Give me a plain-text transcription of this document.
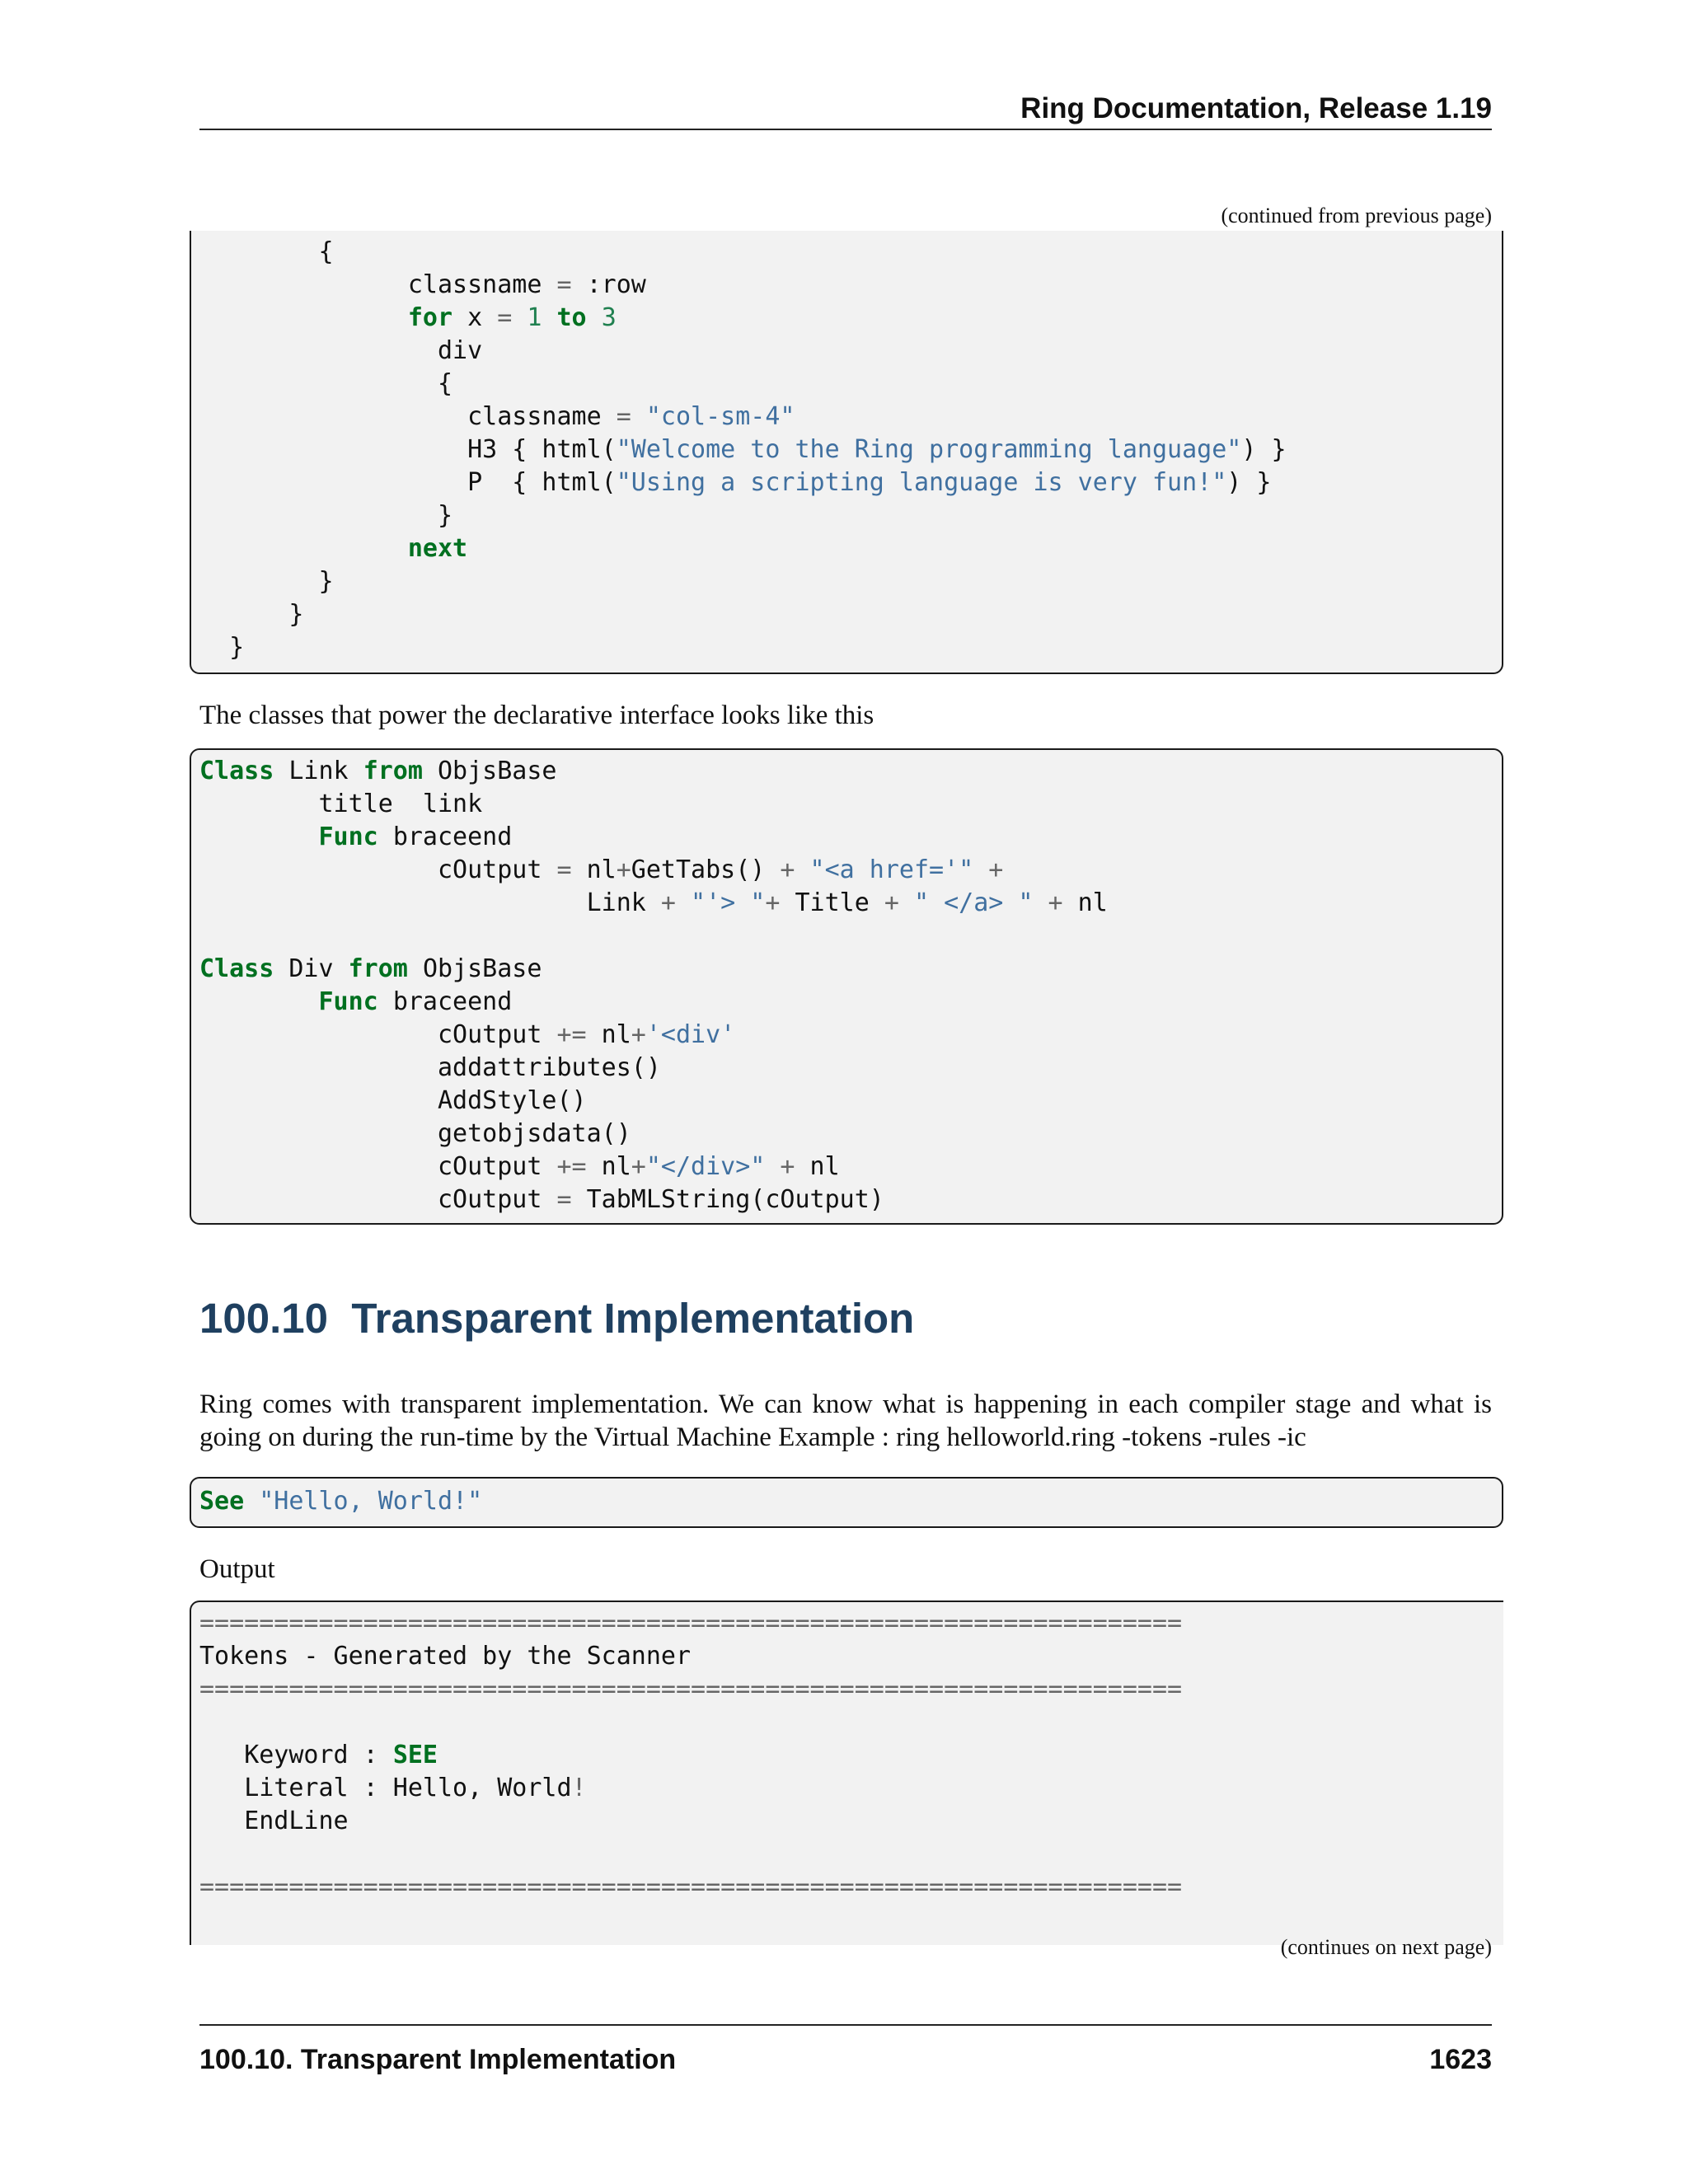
Ring Documentation, Release 1.19
(continued from previous page)
{
classname = :row
for x = 1 to 3
div
{
classname = "col-sm-4"
H3 { html("Welcome to the Ring programming language") }
P  { html("Using a scripting language is very fun!") }
}
next
}
}
}
The classes that power the declarative interface looks like this
Class Link from ObjsBase
title  link
Func braceend
cOutput = nl+GetTabs() + "<a href='" +
Link + "'> "+ Title + " </a> " + nl

Class Div from ObjsBase
Func braceend
cOutput += nl+'<div'
addattributes()
AddStyle()
getobjsdata()
cOutput += nl+"</div>" + nl
cOutput = TabMLString(cOutput)
100.10 Transparent Implementation
Ring comes with transparent implementation. We can know what is happening in each compiler stage and what is going on during the run-time by the Virtual Machine Example : ring helloworld.ring -tokens -rules -ic
See "Hello, World!"
Output
==================================================================
Tokens - Generated by the Scanner
==================================================================

Keyword : SEE
Literal : Hello, World!
EndLine

==================================================================
(continues on next page)
100.10. Transparent Implementation	1623
